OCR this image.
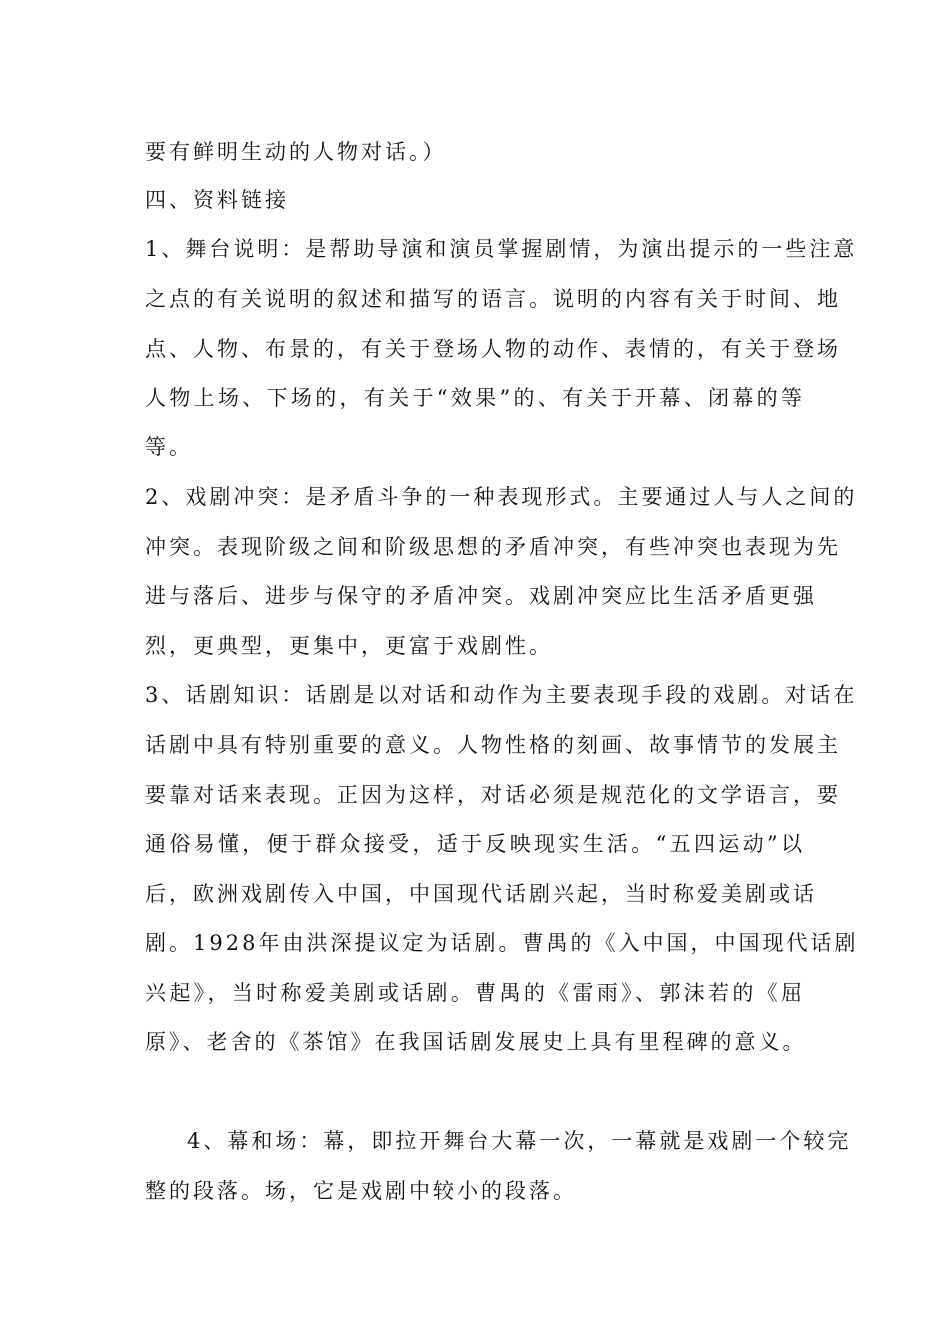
要有鲜明生动的人物对话。）
四、资料链接
1、舞台说明：是帮助导演和演员掌握剧情，为演出提示的一些注意
之点的有关说明的叙述和描写的语言。说明的内容有关于时间、地
点、人物、布景的，有关于登场人物的动作、表情的，有关于登场
人物上场、下场的，有关于“效果”的、有关于开幕、闭幕的等
等。
2、戏剧冲突：是矛盾斗争的一种表现形式。主要通过人与人之间的
冲突。表现阶级之间和阶级思想的矛盾冲突，有些冲突也表现为先
进与落后、进步与保守的矛盾冲突。戏剧冲突应比生活矛盾更强
烈，更典型，更集中，更富于戏剧性。
3、话剧知识：话剧是以对话和动作为主要表现手段的戏剧。对话在
话剧中具有特别重要的意义。人物性格的刻画、故事情节的发展主
要靠对话来表现。正因为这样，对话必须是规范化的文学语言，要
通俗易懂，便于群众接受，适于反映现实生活。“五四运动”以
后，欧洲戏剧传入中国，中国现代话剧兴起，当时称爱美剧或话
剧。1928年由洪深提议定为话剧。曹禺的《入中国，中国现代话剧
兴起》，当时称爱美剧或话剧。曹禺的《雷雨》、郭沫若的《屈
原》、老舍的《茶馆》在我国话剧发展史上具有里程碑的意义。
4、幕和场：幕，即拉开舞台大幕一次，一幕就是戏剧一个较完
整的段落。场，它是戏剧中较小的段落。
